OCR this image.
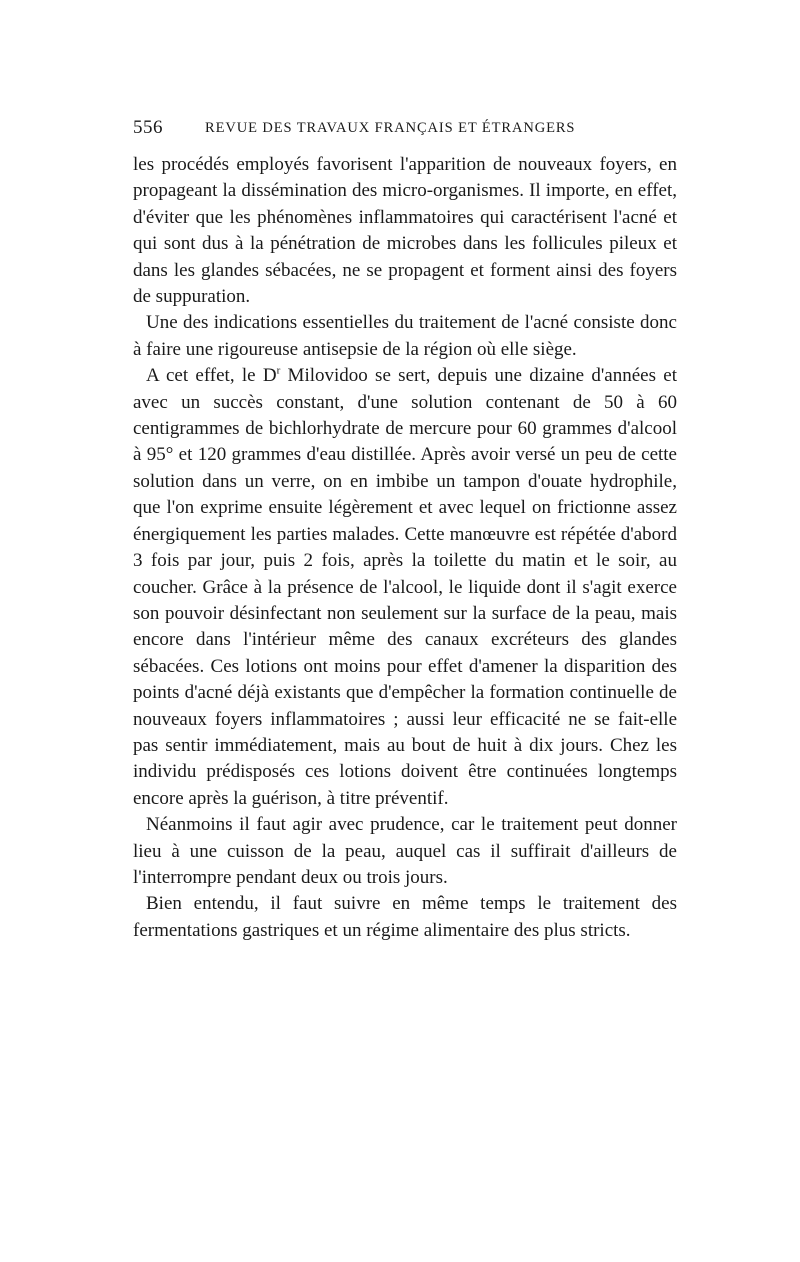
556	REVUE DES TRAVAUX FRANÇAIS ET ÉTRANGERS

les procédés employés favorisent l'apparition de nouveaux foyers, en propageant la dissémination des micro-organismes. Il importe, en effet, d'éviter que les phénomènes inflammatoires qui caractérisent l'acné et qui sont dus à la pénétration de microbes dans les follicules pileux et dans les glandes sébacées, ne se propagent et forment ainsi des foyers de suppuration.

Une des indications essentielles du traitement de l'acné consiste donc à faire une rigoureuse antisepsie de la région où elle siège.

A cet effet, le $D^r$ Milovidoo se sert, depuis une dizaine d'années et avec un succès constant, d'une solution contenant de 50 à 60 centigrammes de bichlorhydrate de mercure pour 60 grammes d'alcool à 95° et 120 grammes d'eau distillée. Après avoir versé un peu de cette solution dans un verre, on en imbibe un tampon d'ouate hydrophile, que l'on exprime ensuite légèrement et avec lequel on frictionne assez énergiquement les parties malades. Cette manœuvre est répétée d'abord 3 fois par jour, puis 2 fois, après la toilette du matin et le soir, au coucher. Grâce à la présence de l'alcool, le liquide dont il s'agit exerce son pouvoir désinfectant non seulement sur la surface de la peau, mais encore dans l'intérieur même des canaux excréteurs des glandes sébacées. Ces lotions ont moins pour effet d'amener la disparition des points d'acné déjà existants que d'empêcher la formation continuelle de nouveaux foyers inflammatoires ; aussi leur efficacité ne se fait-elle pas sentir immédiatement, mais au bout de huit à dix jours. Chez les individu prédisposés ces lotions doivent être continuées longtemps encore après la guérison, à titre préventif.

Néanmoins il faut agir avec prudence, car le traitement peut donner lieu à une cuisson de la peau, auquel cas il suffirait d'ailleurs de l'interrompre pendant deux ou trois jours.

Bien entendu, il faut suivre en même temps le traitement des fermentations gastriques et un régime alimentaire des plus stricts.
